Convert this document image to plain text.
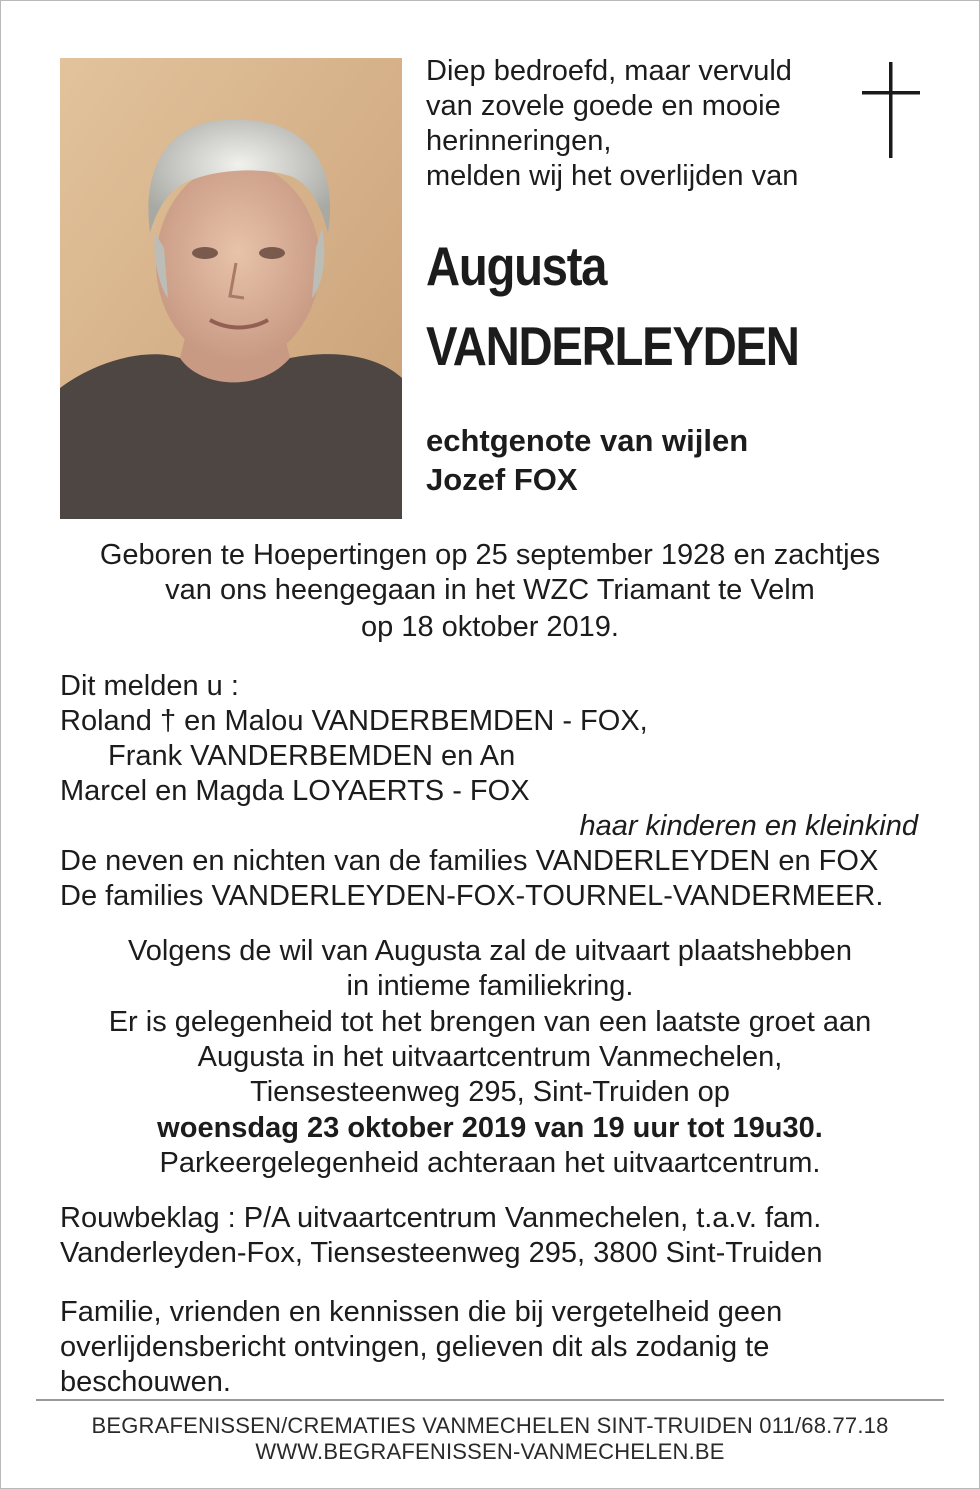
Diep bedroefd, maar vervuld
van zovele goede en mooie
herinneringen,
melden wij het overlijden van
Augusta
VANDERLEYDEN
echtgenote van wijlen
Jozef FOX
Geboren te Hoepertingen op 25 september 1928 en zachtjes
van ons heengegaan in het WZC Triamant te Velm
op 18 oktober 2019.
Dit melden u :
Roland † en Malou VANDERBEMDEN - FOX,
Frank VANDERBEMDEN en An
Marcel en Magda LOYAERTS - FOX
haar kinderen en kleinkind
De neven en nichten van de families VANDERLEYDEN en FOX
De families VANDERLEYDEN-FOX-TOURNEL-VANDERMEER.
Volgens de wil van Augusta zal de uitvaart plaatshebben
in intieme familiekring.
Er is gelegenheid tot het brengen van een laatste groet aan
Augusta in het uitvaartcentrum Vanmechelen,
Tiensesteenweg 295, Sint-Truiden op
woensdag 23 oktober 2019 van 19 uur tot 19u30.
Parkeergelegenheid achteraan het uitvaartcentrum.
Rouwbeklag : P/A uitvaartcentrum Vanmechelen, t.a.v. fam.
Vanderleyden-Fox, Tiensesteenweg 295, 3800 Sint-Truiden
Familie, vrienden en kennissen die bij vergetelheid geen
overlijdensbericht ontvingen, gelieven dit als zodanig te
beschouwen.
BEGRAFENISSEN/CREMATIES VANMECHELEN SINT-TRUIDEN 011/68.77.18
WWW.BEGRAFENISSEN-VANMECHELEN.BE
